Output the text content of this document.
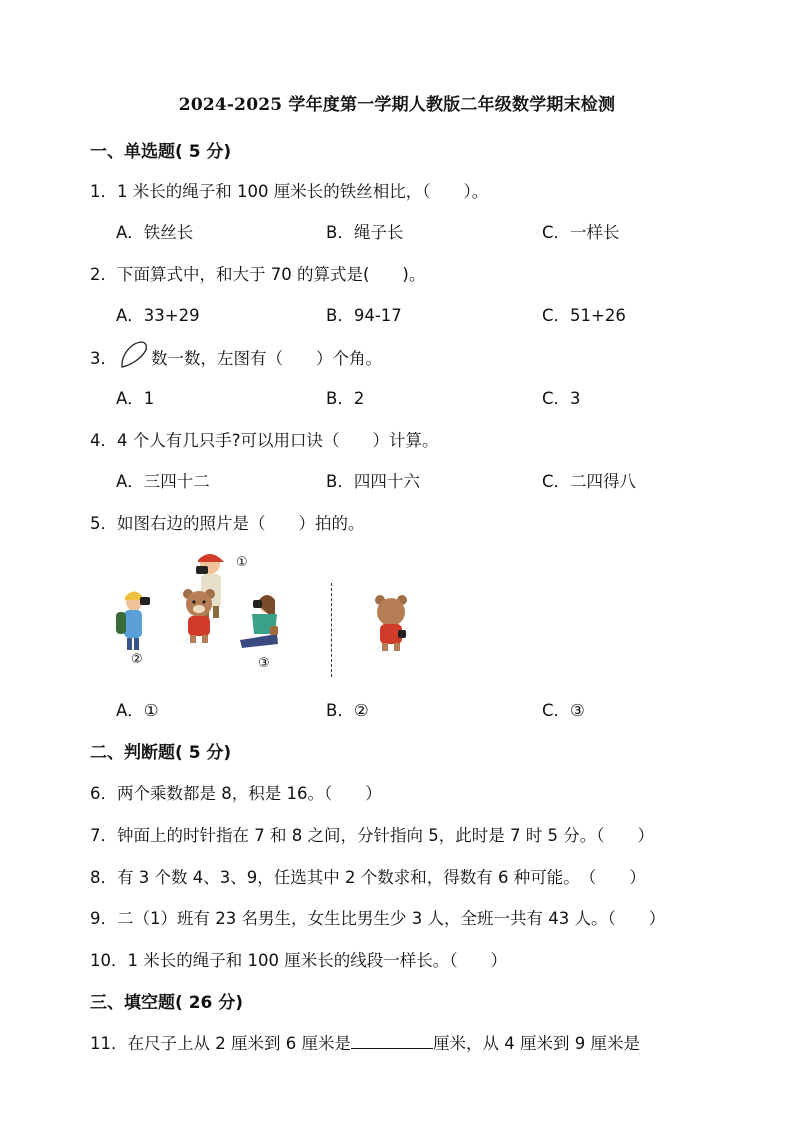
2024-2025 学年度第一学期人教版二年级数学期末检测
一、单选题( 5 分)
1．1 米长的绳子和 100 厘米长的铁丝相比，（　　）。
A．铁丝长	B．绳子长	C．一样长
2．下面算式中，和大于 70 的算式是(　　)。
A．33+29	B．94-17	C．51+26
3． 数一数，左图有（　　）个角。
A．1	B．2	C．3
4．4 个人有几只手?可以用口诀（　　）计算。
A．三四十二	B．四四十六	C．二四得八
5．如图右边的照片是（　　）拍的。
①
②	③
A．①	B．②	C．③
二、判断题( 5 分)
6．两个乘数都是 8，积是 16。（　　）
7．钟面上的时针指在 7 和 8 之间，分针指向 5，此时是 7 时 5 分。（　　）
8．有 3 个数 4、3、9，任选其中 2 个数求和，得数有 6 种可能。　（　　）
9．二（1）班有 23 名男生，女生比男生少 3 人，全班一共有 43 人。（　　）
10．1 米长的绳子和 100 厘米长的线段一样长。（　　）
三、填空题( 26 分)
11．在尺子上从 2 厘米到 6 厘米是	厘米，从 4 厘米到 9 厘米是
